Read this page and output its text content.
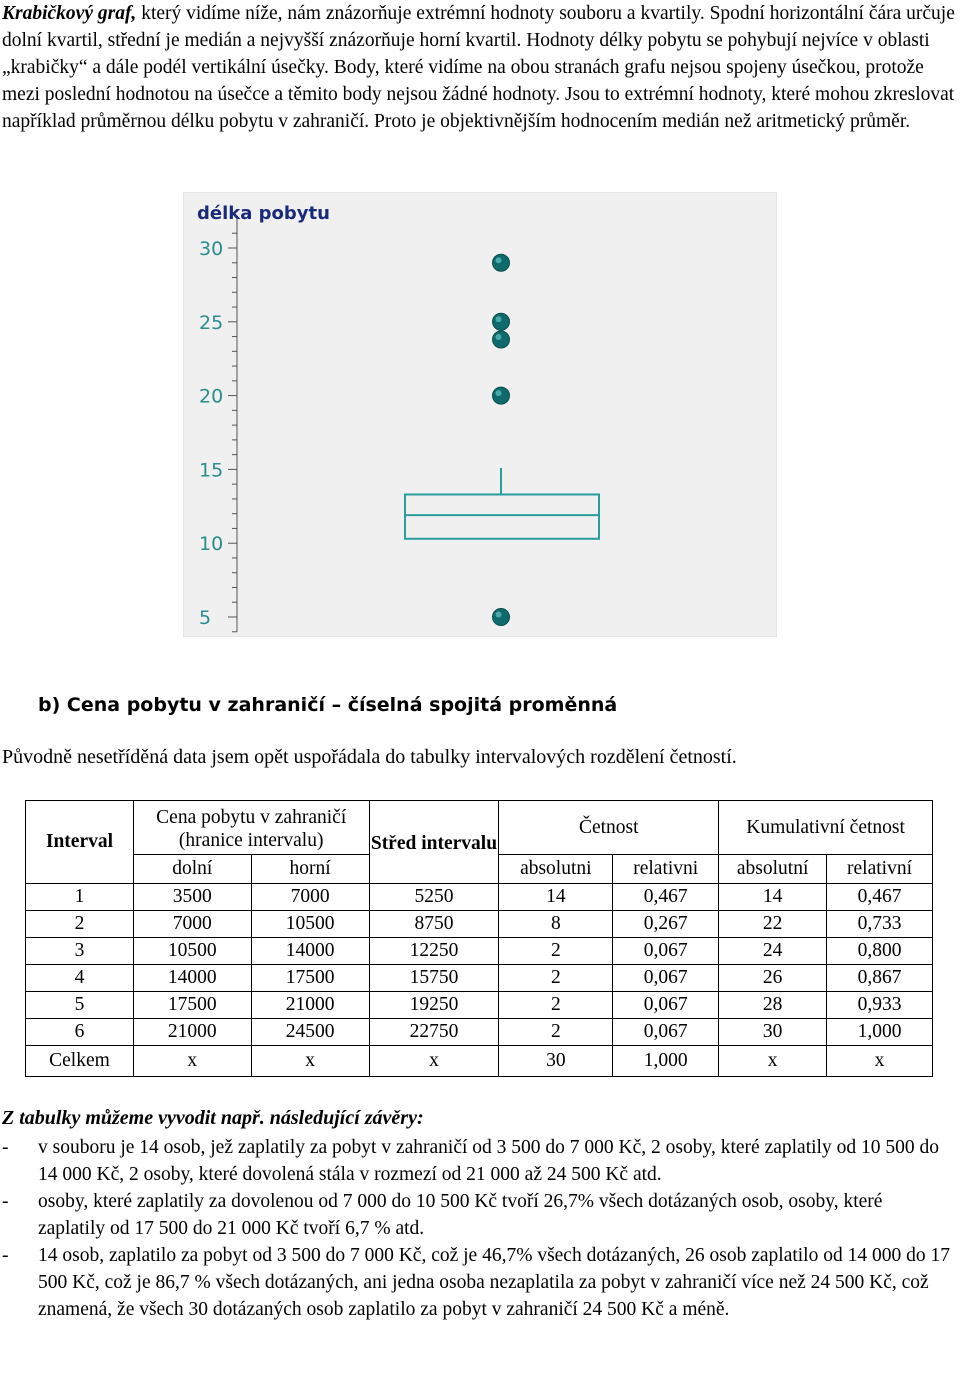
Krabičkový graf, který vidíme níže, nám znázorňuje extrémní hodnoty souboru a kvartily. Spodní horizontální čára určuje dolní kvartil, střední je medián a nejvyšší znázorňuje horní kvartil. Hodnoty délky pobytu se pohybují nejvíce v oblasti „krabičky“ a dále podél vertikální úsečky. Body, které vidíme na obou stranách grafu nejsou spojeny úsečkou, protože mezi poslední hodnotou na úsečce a těmito body nejsou žádné hodnoty. Jsou to extrémní hodnoty, které mohou zkreslovat například průměrnou délku pobytu v zahraničí. Proto je objektivnějším hodnocením medián než aritmetický průměr.

délka pobytu
5
10
15
20
25
30

b) Cena pobytu v zahraničí – číselná spojitá proměnná

Původně nesetříděná data jsem opět uspořádala do tabulky intervalových rozdělení četností.

Interval	Cena pobytu v zahraničí (hranice intervalu)		Střed intervalu	Četnost		Kumulativní četnost	
	dolní	horní		absolutni	relativni	absolutní	relativní
1	3500	7000	5250	14	0,467	14	0,467
2	7000	10500	8750	8	0,267	22	0,733
3	10500	14000	12250	2	0,067	24	0,800
4	14000	17500	15750	2	0,067	26	0,867
5	17500	21000	19250	2	0,067	28	0,933
6	21000	24500	22750	2	0,067	30	1,000
Celkem	x	x	x	30	1,000	x	x

Z tabulky můžeme vyvodit např. následující závěry:

- v souboru je 14 osob, jež zaplatily za pobyt v zahraničí od 3 500 do 7 000 Kč, 2 osoby, které zaplatily od 10 500 do 14 000 Kč, 2 osoby, které dovolená stála v rozmezí od 21 000 až 24 500 Kč atd.
- osoby, které zaplatily za dovolenou od 7 000 do 10 500 Kč tvoří 26,7% všech dotázaných osob, osoby, které zaplatily od 17 500 do 21 000 Kč tvoří 6,7 % atd.
- 14 osob, zaplatilo za pobyt od 3 500 do 7 000 Kč, což je 46,7% všech dotázaných, 26 osob zaplatilo od 14 000 do 17 500 Kč, což je 86,7 % všech dotázaných, ani jedna osoba nezaplatila za pobyt v zahraničí více než 24 500 Kč, což znamená, že všech 30 dotázaných osob zaplatilo za pobyt v zahraničí 24 500 Kč a méně.
